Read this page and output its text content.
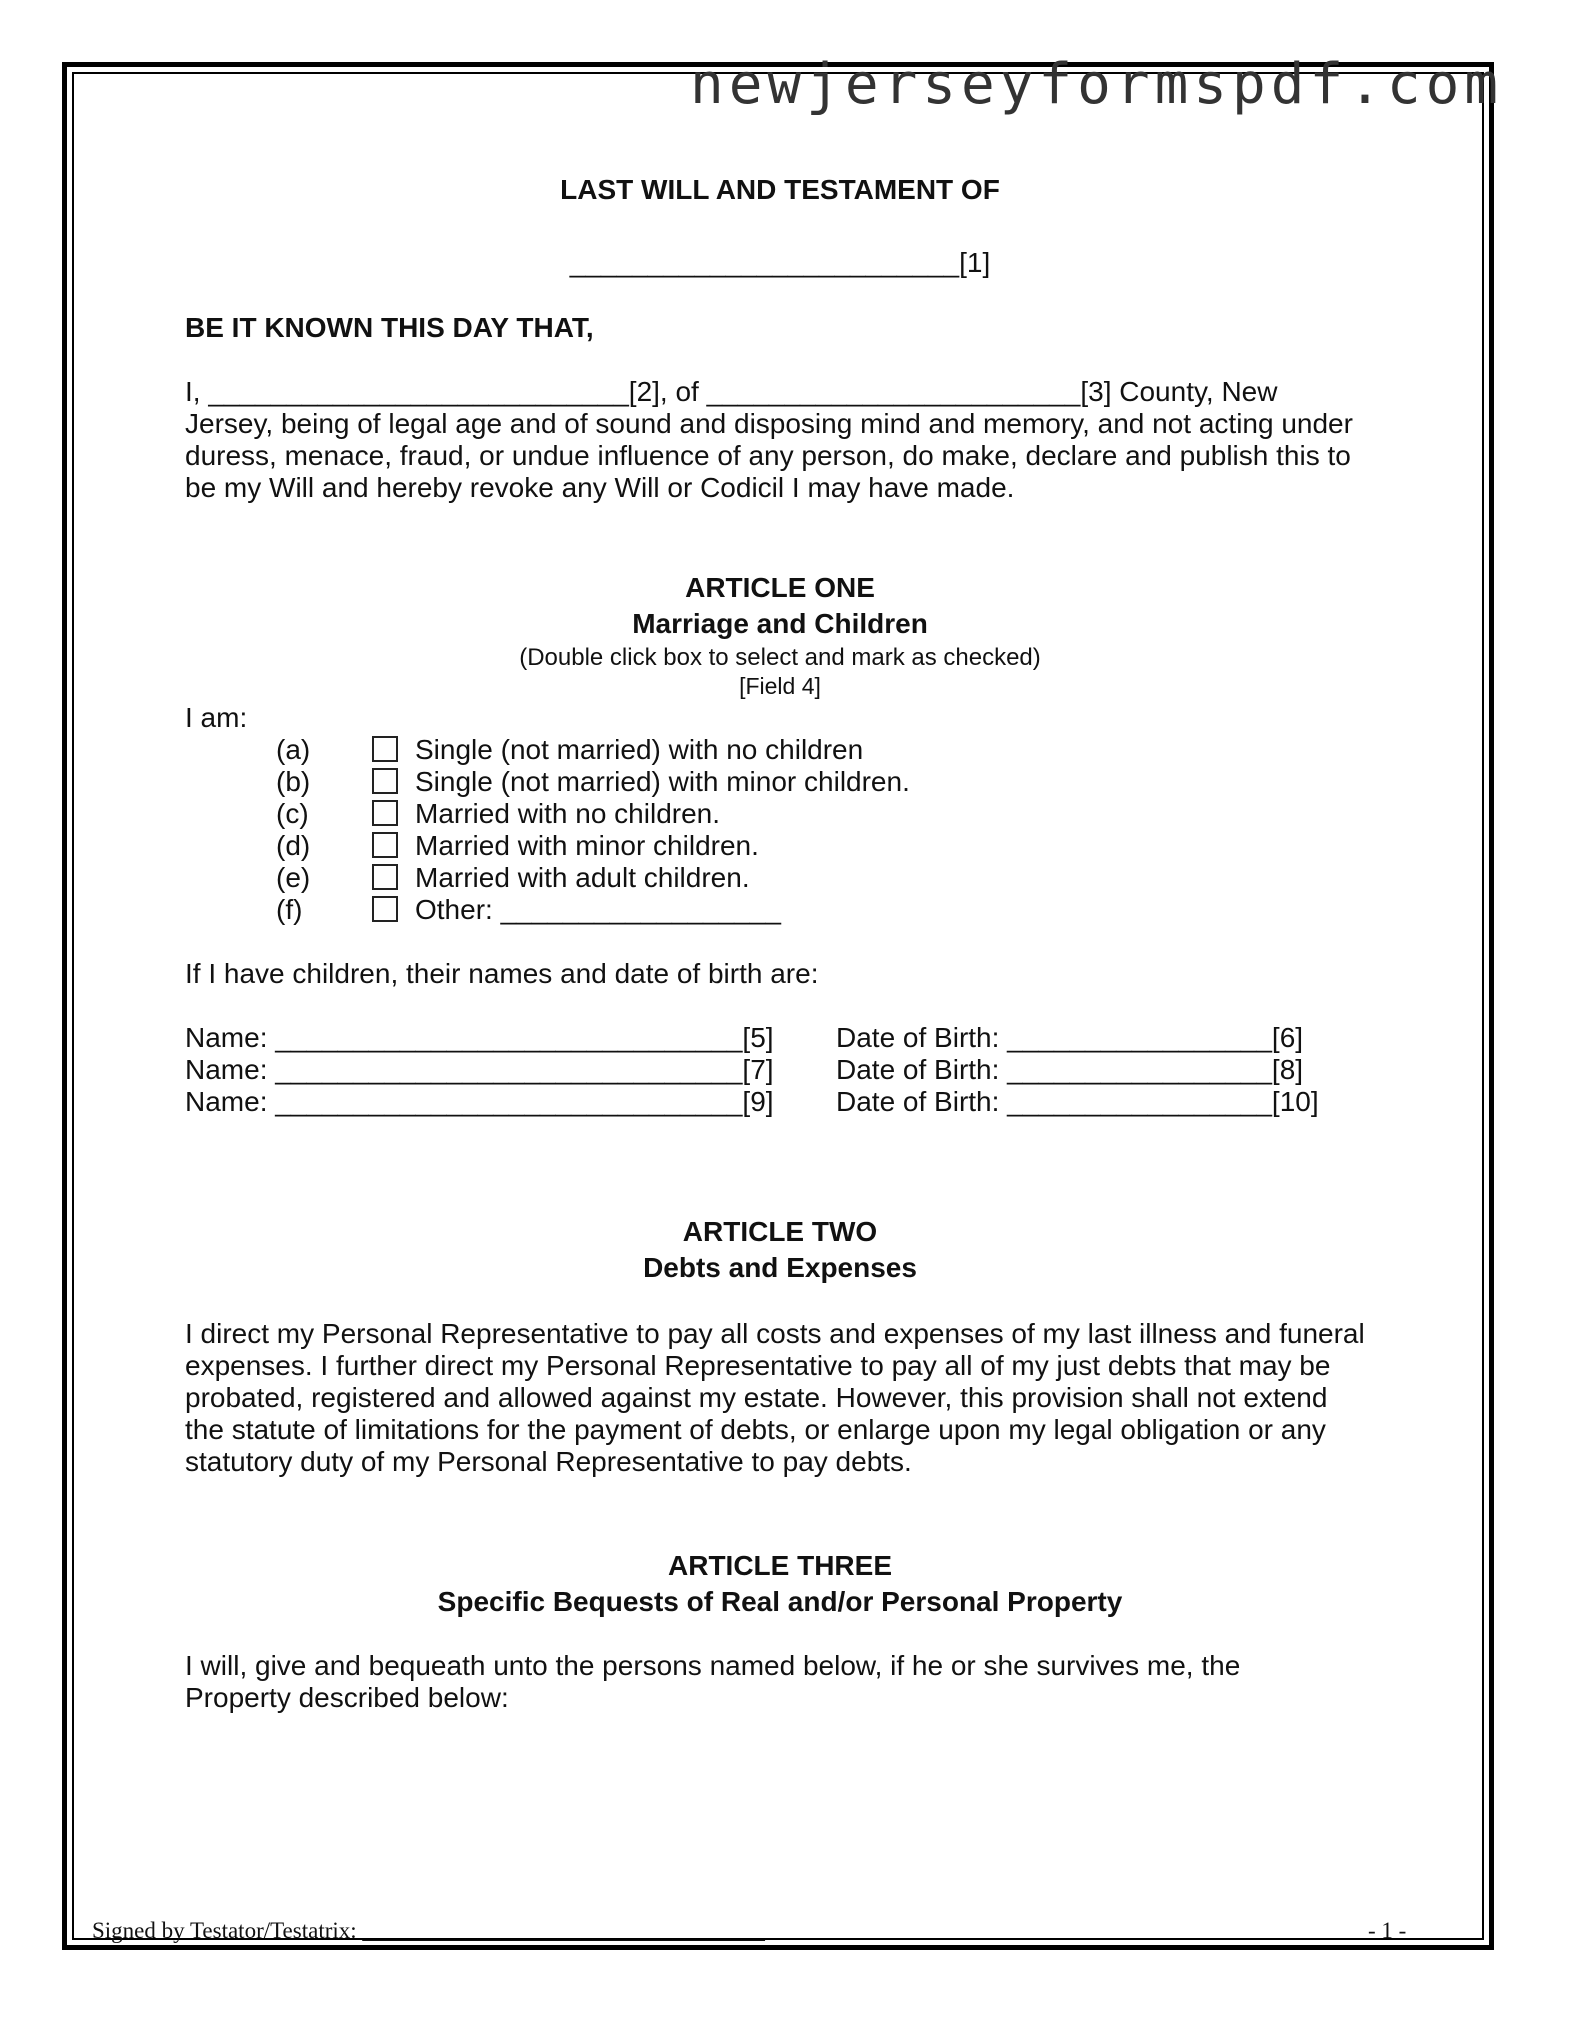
newjerseyformspdf.com
LAST WILL AND TESTAMENT OF
_________________________[1]
BE IT KNOWN THIS DAY THAT,
I, ___________________________[2], of ________________________[3] County, New
Jersey, being of legal age and of sound and disposing mind and memory, and not acting under
duress, menace, fraud, or undue influence of any person, do make, declare and publish this to
be my Will and hereby revoke any Will or Codicil I may have made.
ARTICLE ONE
Marriage and Children
(Double click box to select and mark as checked)
[Field 4]
I am:
(a)	Single (not married) with no children
(b)	Single (not married) with minor children.
(c)	Married with no children.
(d)	Married with minor children.
(e)	Married with adult children.
(f)	Other: __________________
If I have children, their names and date of birth are:
Name: ______________________________[5] Date of Birth: _________________[6]
Name: ______________________________[7] Date of Birth: _________________[8]
Name: ______________________________[9] Date of Birth: _________________[10]
ARTICLE TWO
Debts and Expenses
I direct my Personal Representative to pay all costs and expenses of my last illness and funeral
expenses. I further direct my Personal Representative to pay all of my just debts that may be
probated, registered and allowed against my estate. However, this provision shall not extend
the statute of limitations for the payment of debts, or enlarge upon my legal obligation or any
statutory duty of my Personal Representative to pay debts.
ARTICLE THREE
Specific Bequests of Real and/or Personal Property
I will, give and bequeath unto the persons named below, if he or she survives me, the
Property described below:
Signed by Testator/Testatrix: ___________________________________	- 1 -
